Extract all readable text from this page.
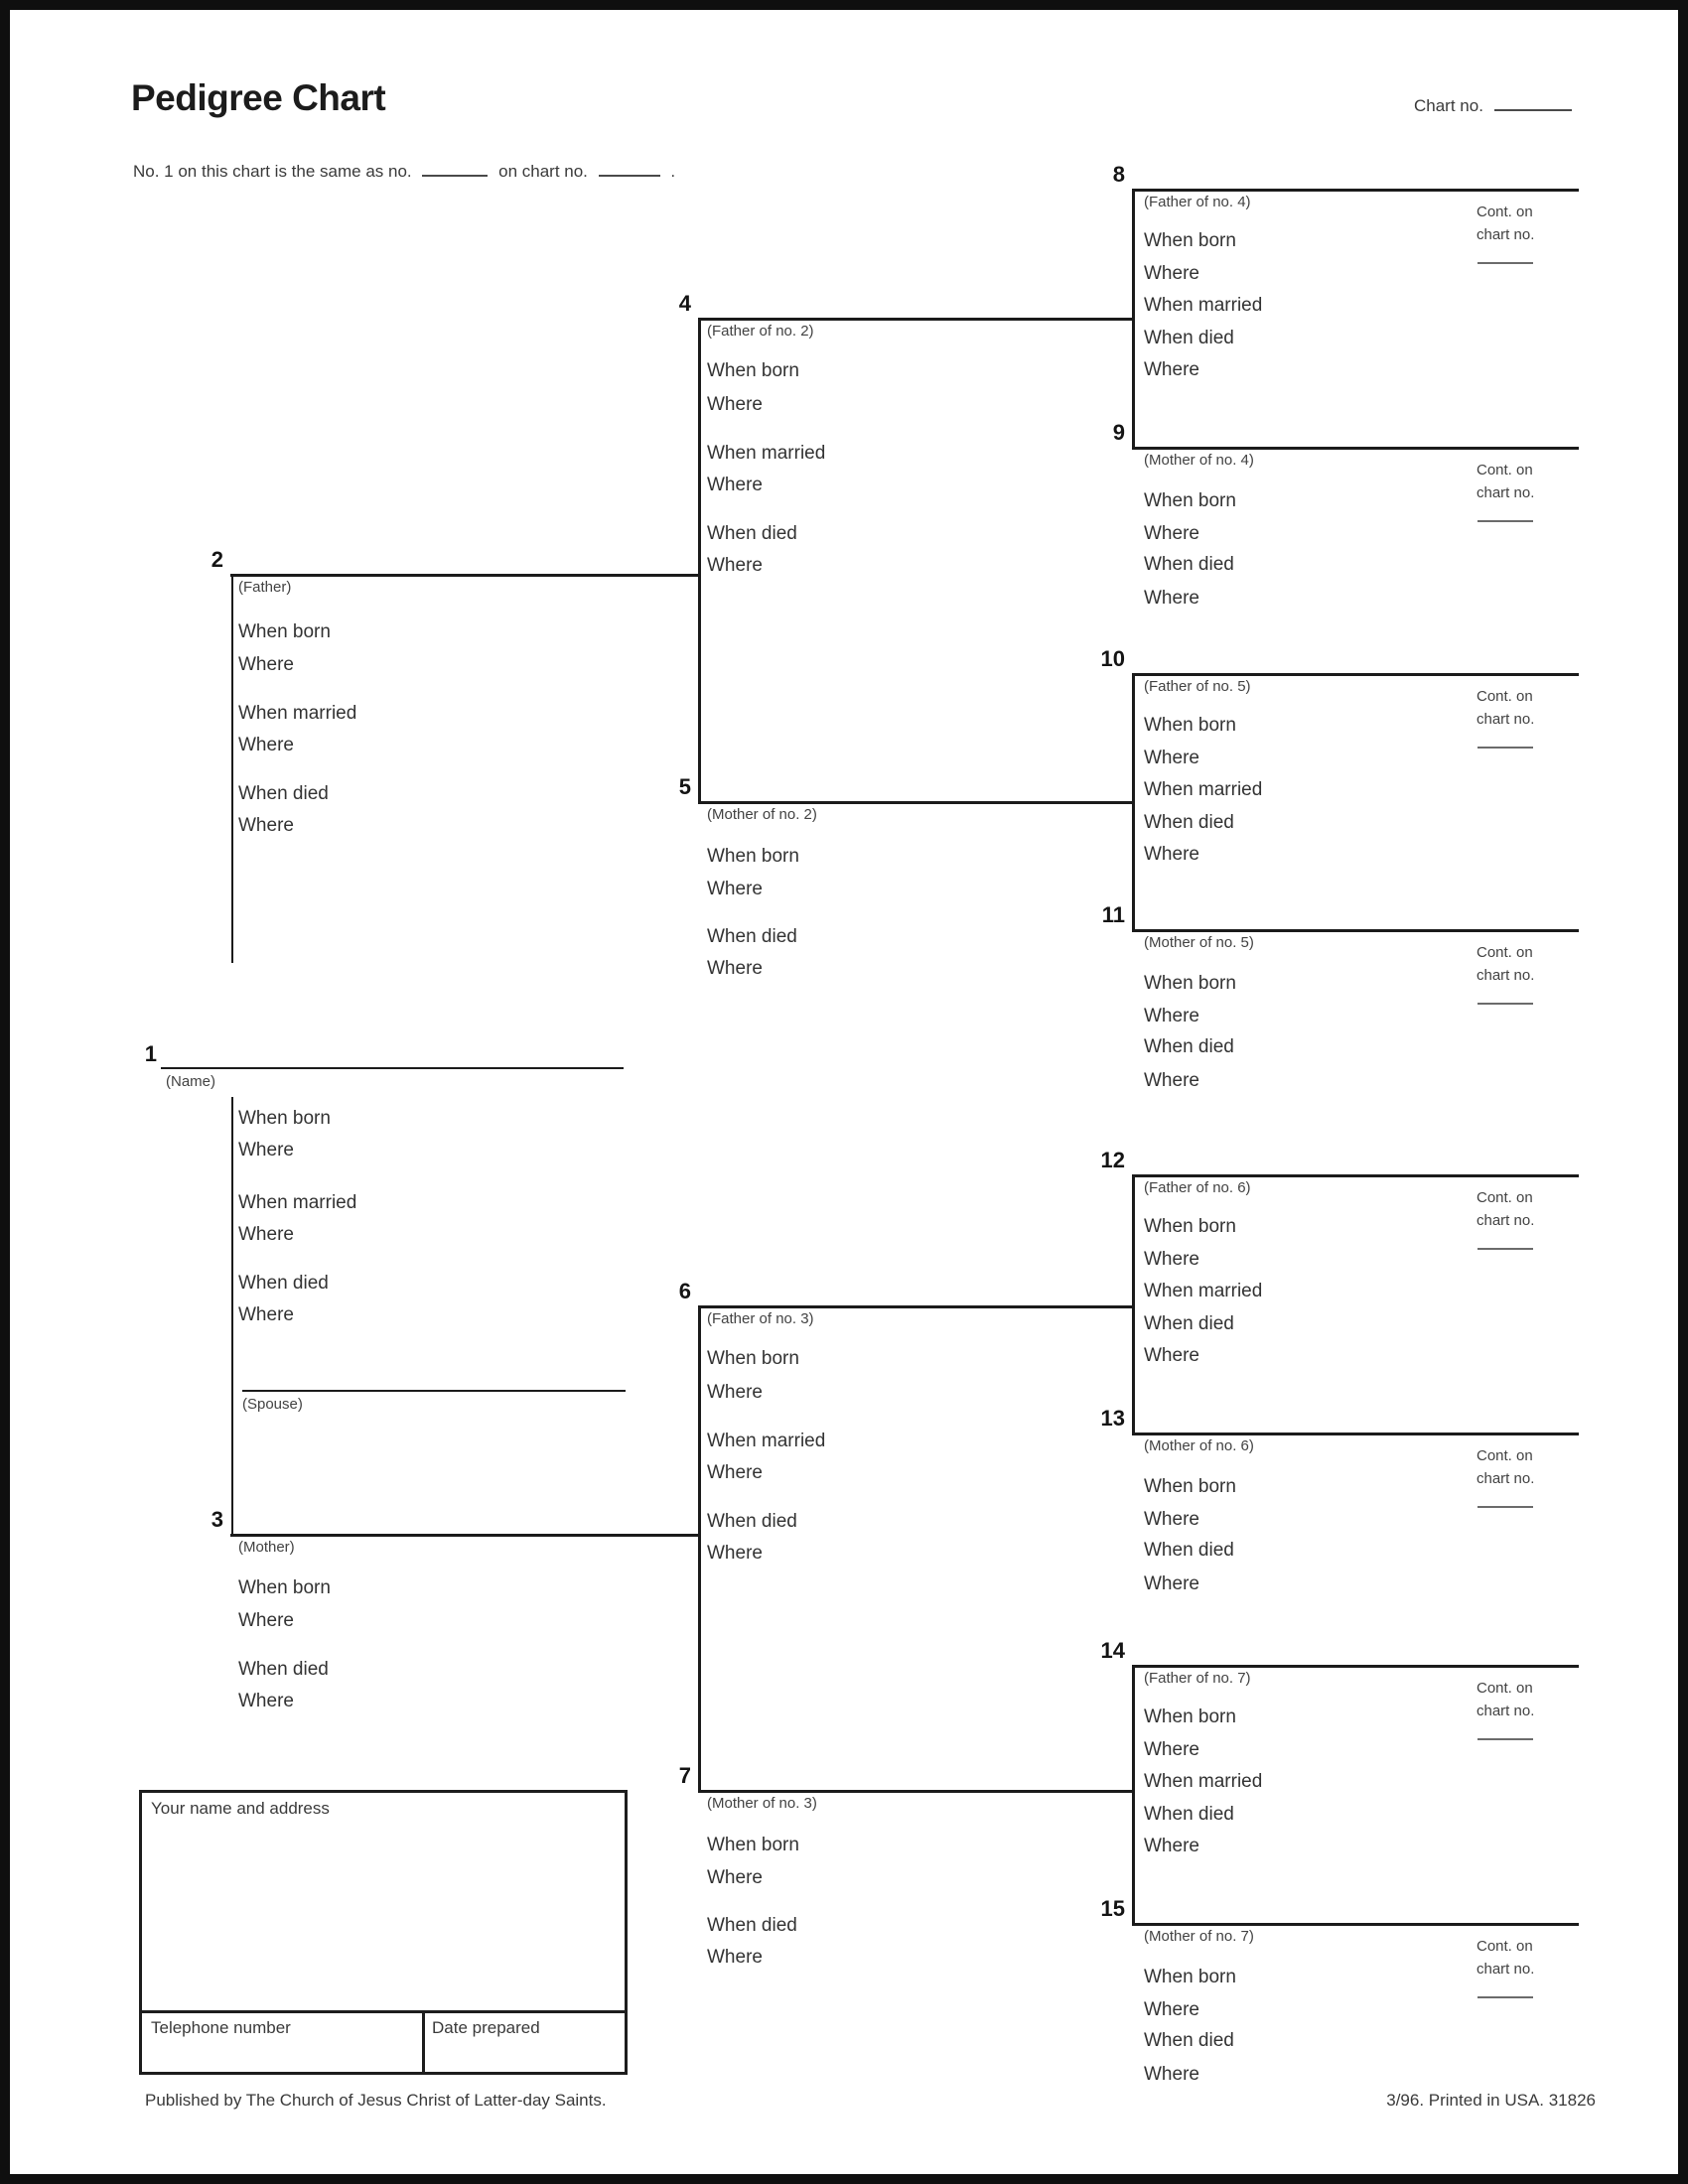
Pedigree Chart	Chart no.
No. 1 on this chart is the same as no.	on chart no.	.
1
(Name)
When born
Where
When married
Where
When died
Where
(Spouse)
2
(Father)
When born
Where
When married
Where
When died
Where
3
(Mother)
When born
Where
When died
Where
4
(Father of no. 2)
When born
Where
When married
Where
When died
Where
5
(Mother of no. 2)
When born
Where
When died
Where
6
(Father of no. 3)
When born
Where
When married
Where
When died
Where
7
(Mother of no. 3)
When born
Where
When died
Where
8
(Father of no. 4)
When born
Where
When married
When died
Where
Cont. on
chart no.
9
(Mother of no. 4)
When born
Where
When died
Where
Cont. on
chart no.
10
(Father of no. 5)
When born
Where
When married
When died
Where
Cont. on
chart no.
11
(Mother of no. 5)
When born
Where
When died
Where
Cont. on
chart no.
12
(Father of no. 6)
When born
Where
When married
When died
Where
Cont. on
chart no.
13
(Mother of no. 6)
When born
Where
When died
Where
Cont. on
chart no.
14
(Father of no. 7)
When born
Where
When married
When died
Where
Cont. on
chart no.
15
(Mother of no. 7)
When born
Where
When died
Where
Cont. on
chart no.
Your name and address
Telephone number	Date prepared
Published by The Church of Jesus Christ of Latter-day Saints.	3/96. Printed in USA. 31826
